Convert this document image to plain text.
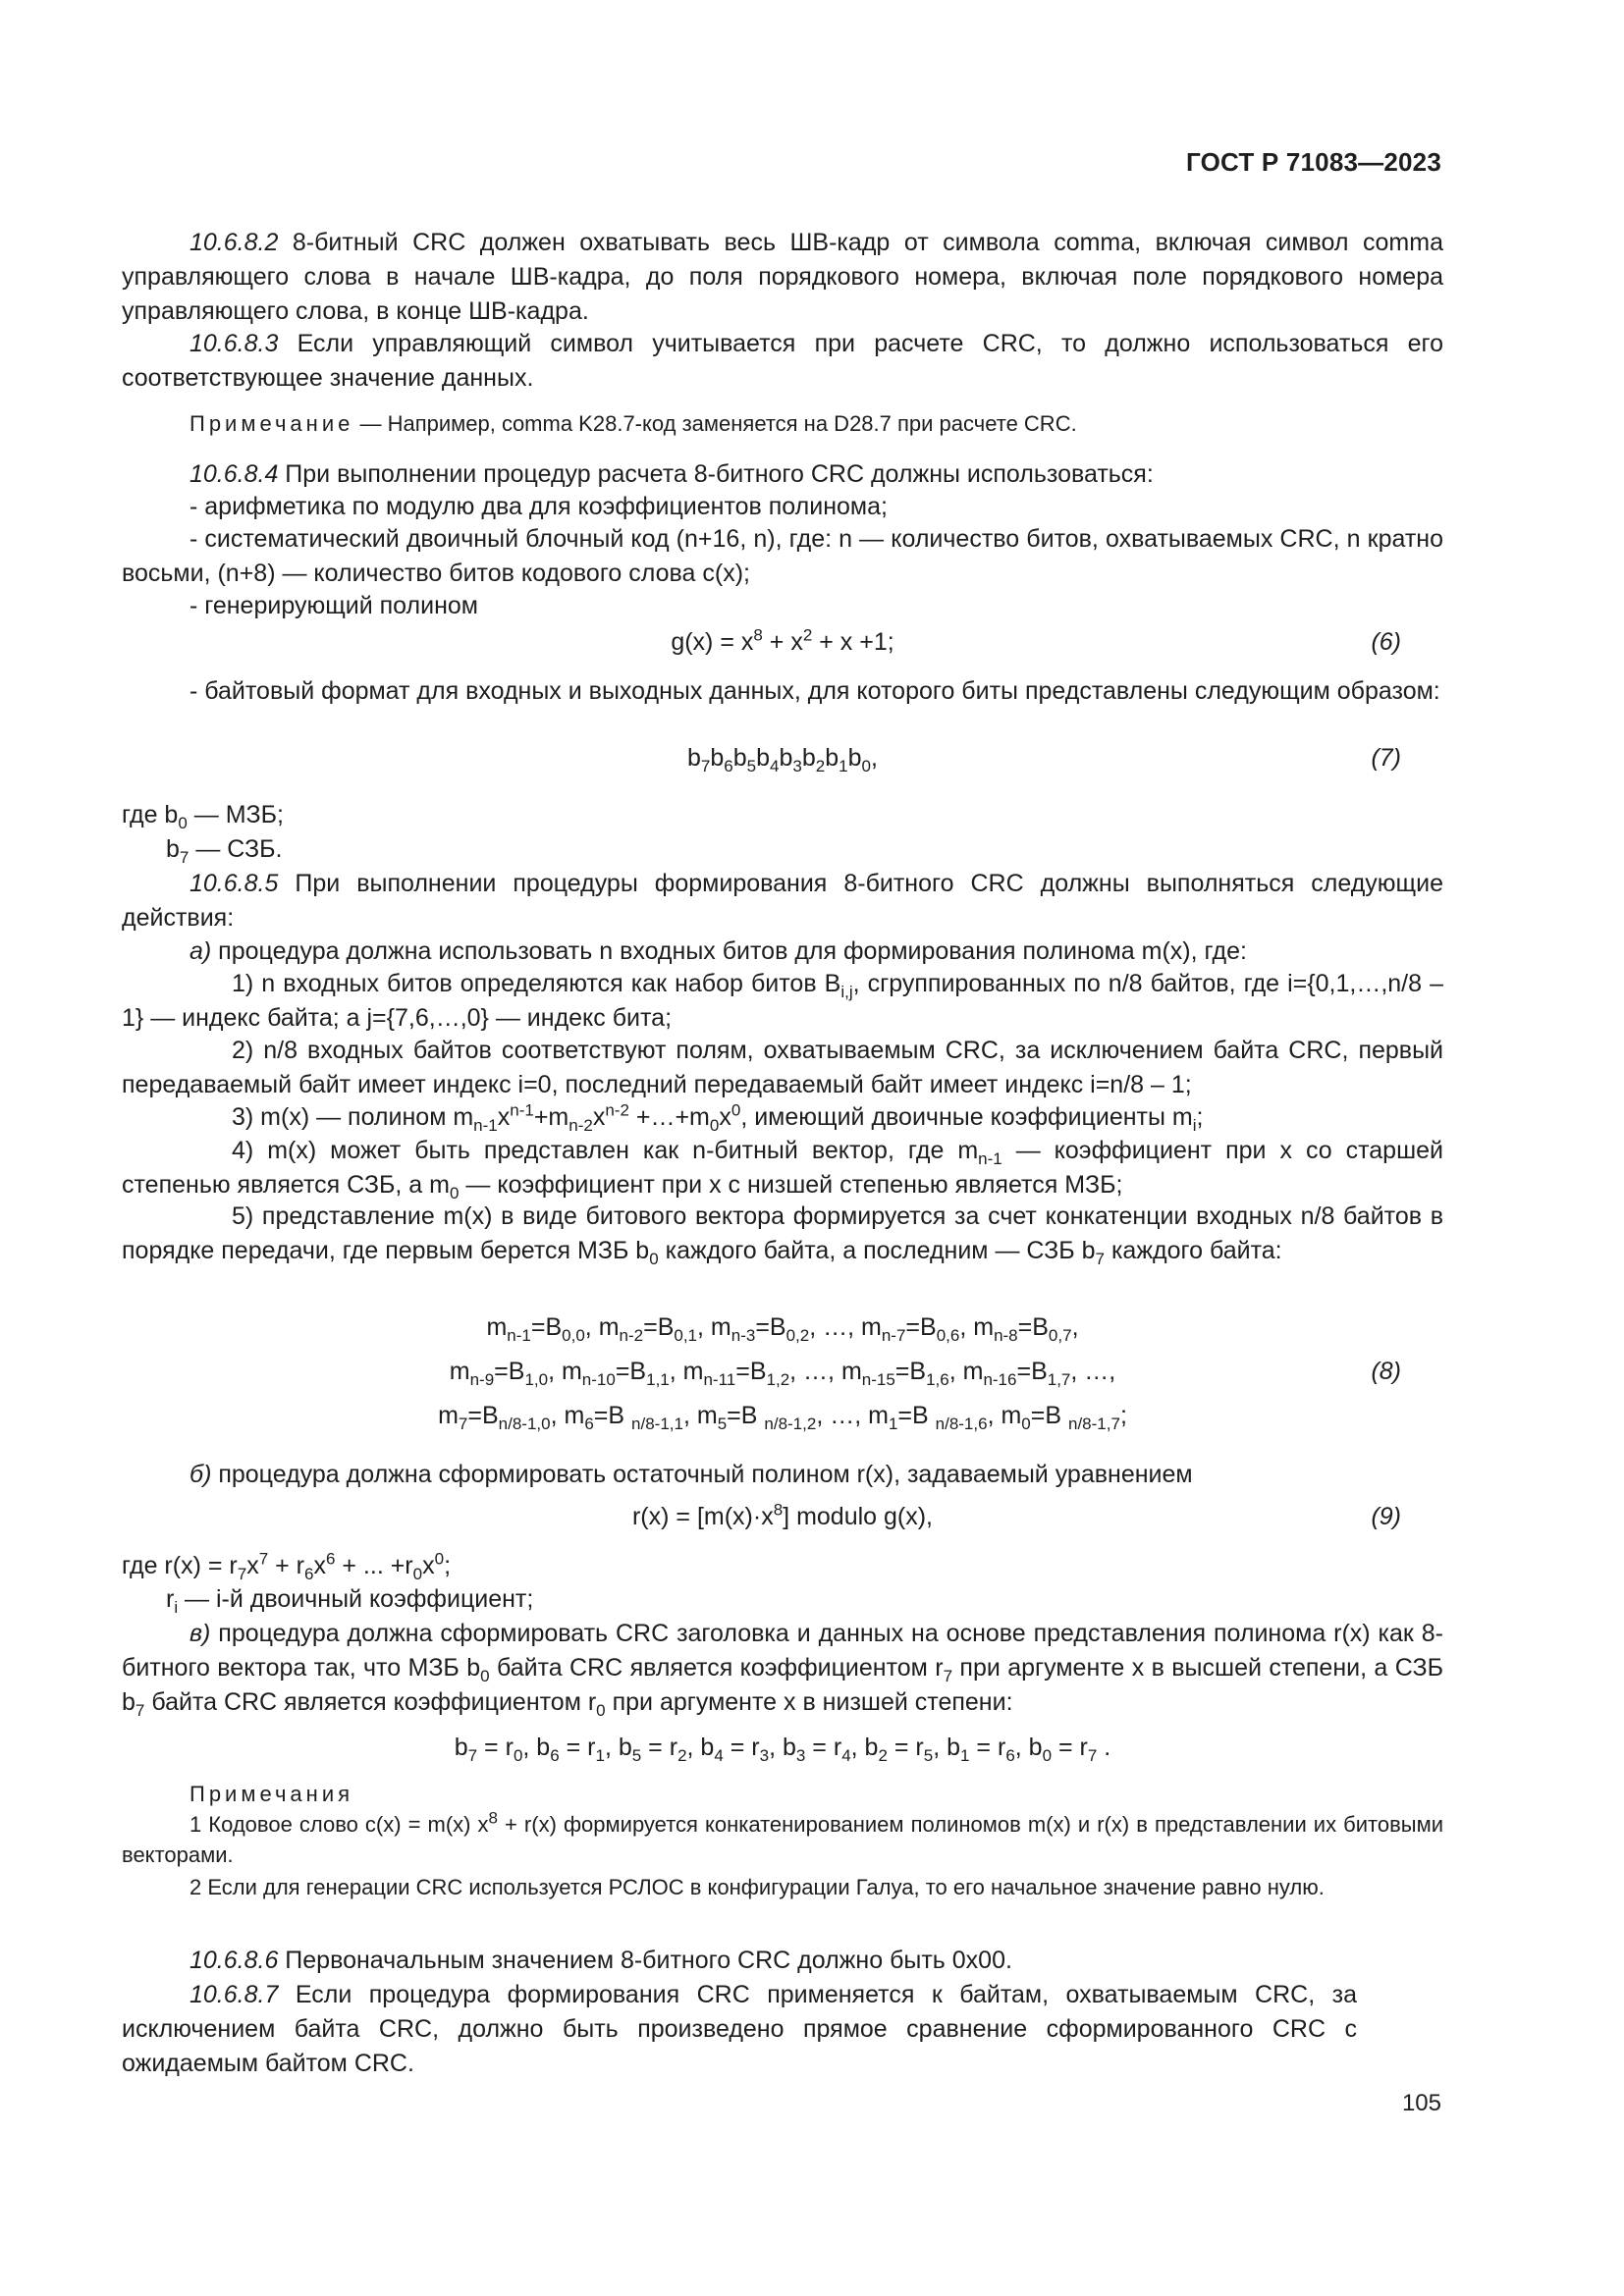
ГОСТ Р 71083—2023

10.6.8.2 8-битный CRC должен охватывать весь ШВ-кадр от символа comma, включая символ comma управляющего слова в начале ШВ-кадра, до поля порядкового номера, включая поле порядкового номера управляющего слова, в конце ШВ-кадра.

10.6.8.3 Если управляющий символ учитывается при расчете CRC, то должно использоваться его соответствующее значение данных.

Примечание — Например, comma K28.7-код заменяется на D28.7 при расчете CRC.

10.6.8.4 При выполнении процедур расчета 8-битного CRC должны использоваться:

- арифметика по модулю два для коэффициентов полинома;

- систематический двоичный блочный код (n+16, n), где: n — количество битов, охватываемых CRC, n кратно восьми, (n+8) — количество битов кодового слова c(x);

- генерирующий полином

$g(x) = x^8 + x^2 + x +1$;	(6)

- байтовый формат для входных и выходных данных, для которого биты представлены следующим образом:

$b_7b_6b_5b_4b_3b_2b_1b_0$,	(7)

где $b_0$ — МЗБ;

$b_7$ — СЗБ.

10.6.8.5 При выполнении процедуры формирования 8-битного CRC должны выполняться следующие действия:

а) процедура должна использовать n входных битов для формирования полинома m(x), где:

1) n входных битов определяются как набор битов $B_{i,j}$, сгруппированных по n/8 байтов, где i={0,1,…,n/8 – 1} — индекс байта; а j={7,6,…,0} — индекс бита;

2) n/8 входных байтов соответствуют полям, охватываемым CRC, за исключением байта CRC, первый передаваемый байт имеет индекс i=0, последний передаваемый байт имеет индекс i=n/8 – 1;

3) m(x) — полином $m_{n-1}x^{n-1}+m_{n-2}x^{n-2}$ $+\dots+m_0x^0$, имеющий двоичные коэффициенты $m_i$;

4) m(x) может быть представлен как n-битный вектор, где $m_{n-1}$ — коэффициент при x со старшей степенью является СЗБ, а $m_0$ — коэффициент при x с низшей степенью является МЗБ;

5) представление m(x) в виде битового вектора формируется за счет конкатенции входных n/8 байтов в порядке передачи, где первым берется МЗБ $b_0$ каждого байта, а последним — СЗБ $b_7$ каждого байта:

$m_{n-1}=B_{0,0}$, $m_{n-2}=B_{0,1}$, $m_{n-3}=B_{0,2}$, …, $m_{n-7}=B_{0,6}$, $m_{n-8}=B_{0,7}$,
$m_{n-9}=B_{1,0}$, $m_{n-10}=B_{1,1}$, $m_{n-11}=B_{1,2}$, …, $m_{n-15}=B_{1,6}$, $m_{n-16}=B_{1,7}$, …,
$m_7=B_{n/8-1,0}$, $m_6=B$ $_{n/8-1,1}$, $m_5=B$ $_{n/8-1,2}$, …, $m_1=B$ $_{n/8-1,6}$, $m_0=B$ $_{n/8-1,7}$;
(8)

б) процедура должна сформировать остаточный полином r(x), задаваемый уравнением

$r(x) = [m(x)\cdot x^8]$ modulo g(x),	(9)

где $r(x) = r_7x^7 + r_6x^6$ + ... $+r_0x^0$;

$r_i$ — i-й двоичный коэффициент;

в) процедура должна сформировать CRC заголовка и данных на основе представления полинома r(x) как 8-битного вектора так, что МЗБ $b_0$ байта CRC является коэффициентом $r_7$ при аргументе x в высшей степени, а СЗБ $b_7$ байта CRC является коэффициентом $r_0$ при аргументе x в низшей степени:

$b_7 = r_0$, $b_6 = r_1$, $b_5 = r_2$, $b_4 = r_3$, $b_3 = r_4$, $b_2 = r_5$, $b_1 = r_6$, $b_0 = r_7$ .

Примечания

1 Кодовое слово c(x) = m(x) $x^8 + r(x)$ формируется конкатенированием полиномов m(x) и r(x) в представлении их битовыми векторами.

2 Если для генерации CRC используется РСЛОС в конфигурации Галуа, то его начальное значение равно нулю.

10.6.8.6 Первоначальным значением 8-битного CRC должно быть 0x00.

10.6.8.7 Если процедура формирования CRC применяется к байтам, охватываемым CRC, за исключением байта CRC, должно быть произведено прямое сравнение сформированного CRC с ожидаемым байтом CRC.

105
